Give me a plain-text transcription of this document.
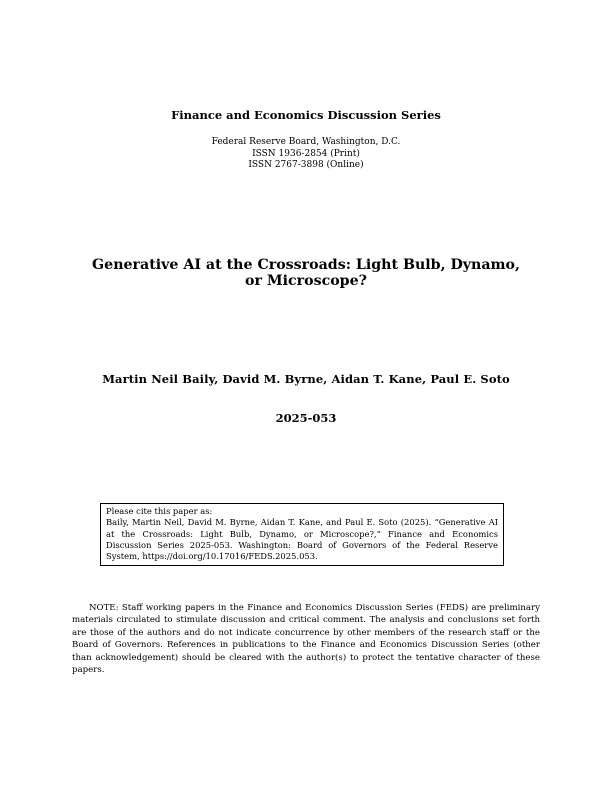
Finance and Economics Discussion Series
Federal Reserve Board, Washington, D.C.
ISSN 1936-2854 (Print)
ISSN 2767-3898 (Online)
Generative AI at the Crossroads: Light Bulb, Dynamo, or Microscope?
Martin Neil Baily, David M. Byrne, Aidan T. Kane, Paul E. Soto
2025-053
Please cite this paper as:
Baily, Martin Neil, David M. Byrne, Aidan T. Kane, and Paul E. Soto (2025). “Generative AI at the Crossroads: Light Bulb, Dynamo, or Microscope?,” Finance and Economics Discussion Series 2025-053. Washington: Board of Governors of the Federal Reserve System, https://doi.org/10.17016/FEDS.2025.053.
NOTE: Staff working papers in the Finance and Economics Discussion Series (FEDS) are preliminary materials circulated to stimulate discussion and critical comment. The analysis and conclusions set forth are those of the authors and do not indicate concurrence by other members of the research staff or the Board of Governors. References in publications to the Finance and Economics Discussion Series (other than acknowledgement) should be cleared with the author(s) to protect the tentative character of these papers.
